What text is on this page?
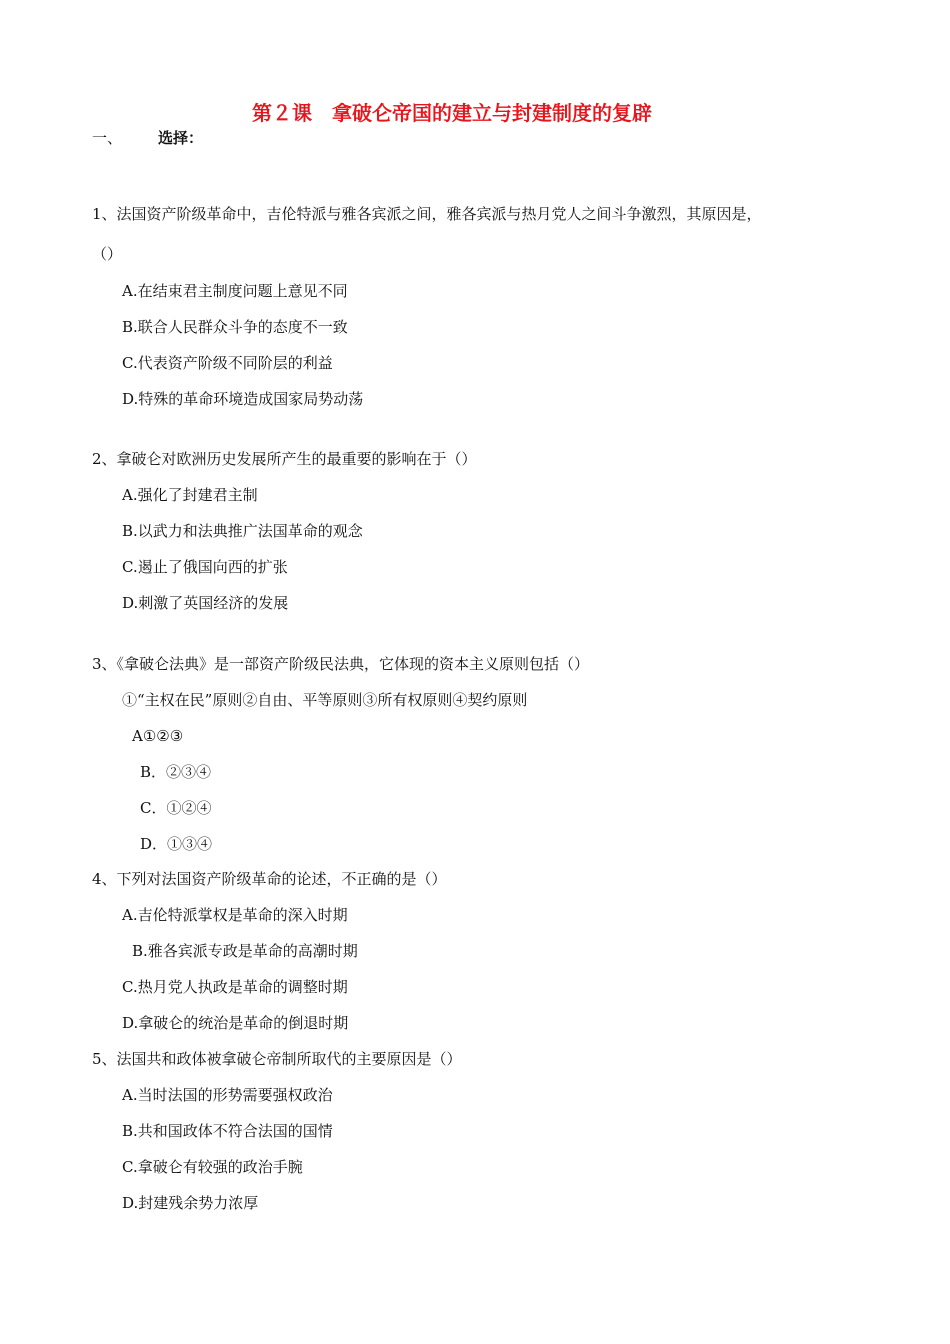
第２课　拿破仑帝国的建立与封建制度的复辟
一、 选择：
1、法国资产阶级革命中，吉伦特派与雅各宾派之间，雅各宾派与热月党人之间斗争激烈，其原因是，
（）
A.在结束君主制度问题上意见不同
B.联合人民群众斗争的态度不一致
C.代表资产阶级不同阶层的利益
D.特殊的革命环境造成国家局势动荡
2、拿破仑对欧洲历史发展所产生的最重要的影响在于（）
A.强化了封建君主制
B.以武力和法典推广法国革命的观念
C.遏止了俄国向西的扩张
D.刺激了英国经济的发展
3、《拿破仑法典》是一部资产阶级民法典，它体现的资本主义原则包括（）
①“主权在民”原则②自由、平等原则③所有权原则④契约原则
A①②③
B．②③④
C．①②④
D．①③④
4、下列对法国资产阶级革命的论述，不正确的是（）
A.吉伦特派掌权是革命的深入时期
B.雅各宾派专政是革命的高潮时期
C.热月党人执政是革命的调整时期
D.拿破仑的统治是革命的倒退时期
5、法国共和政体被拿破仑帝制所取代的主要原因是（）
A.当时法国的形势需要强权政治
B.共和国政体不符合法国的国情
C.拿破仑有较强的政治手腕
D.封建残余势力浓厚
